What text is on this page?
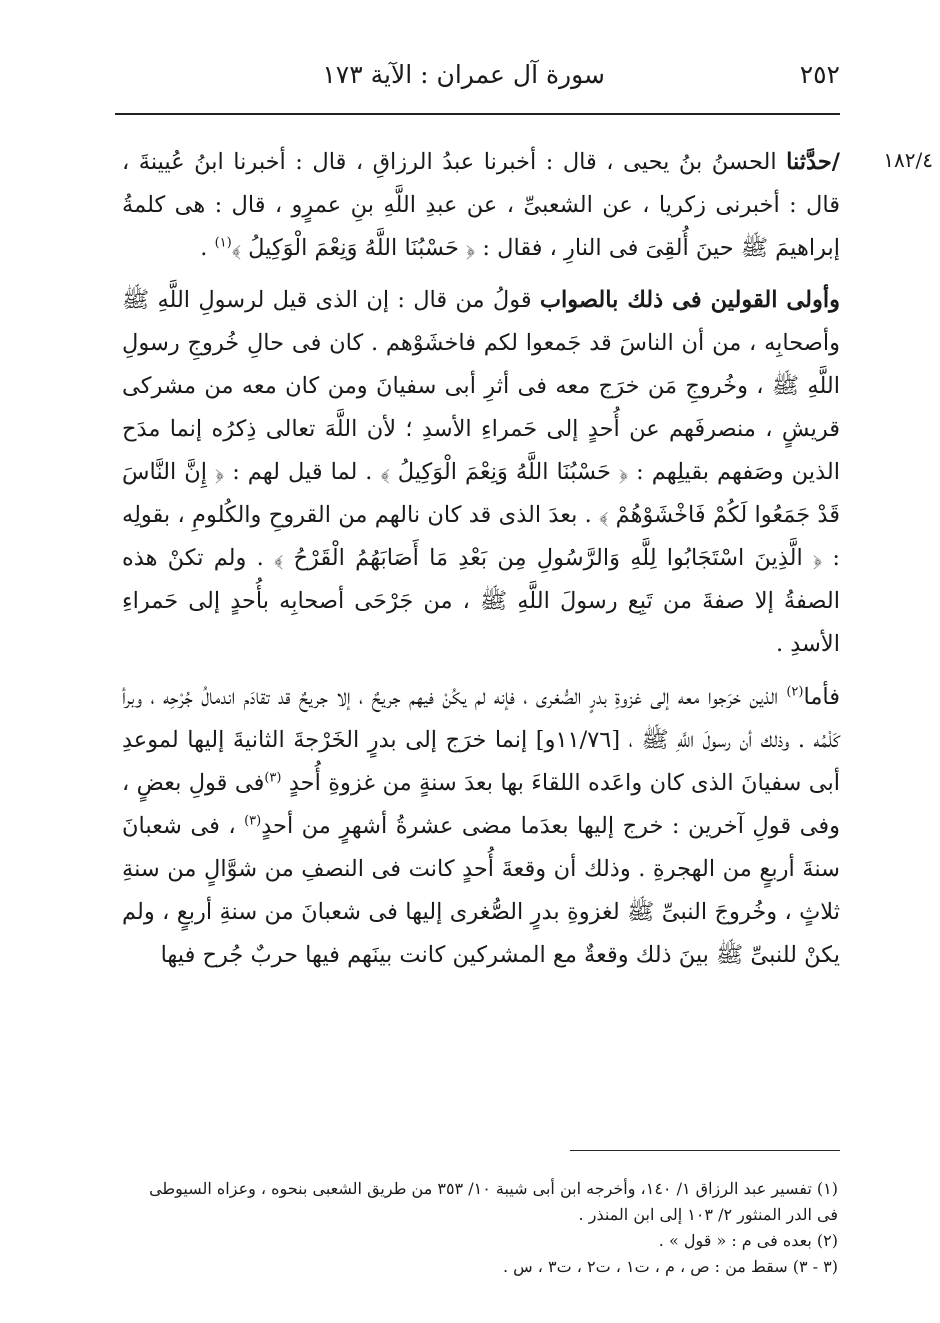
٢٥٢
سورة آل عمران : الآية ١٧٣
١٨٢/٤

/حدَّثنا الحسنُ بنُ يحيى ، قال : أخبرنا عبدُ الرزاقِ ، قال : أخبرنا ابنُ عُيينةَ ، قال : أخبرنى زكريا ، عن الشعبىِّ ، عن عبدِ اللَّهِ بنِ عمرٍو ، قال : هى كلمةُ إبراهيمَ ﷺ حينَ أُلقِىَ فى النارِ ، فقال : ﴿ حَسْبُنَا اللَّهُ وَنِعْمَ الْوَكِيلُ ﴾$^{(١)}$ .

وأولى القولين فى ذلك بالصواب قولُ من قال : إن الذى قيل لرسولِ اللَّهِ ﷺ وأصحابِه ، من أن الناسَ قد جَمعوا لكم فاخشَوْهم . كان فى حالِ خُروجِ رسولِ اللَّهِ ﷺ ، وخُروجِ مَن خرَج معه فى أثرِ أبى سفيانَ ومن كان معه من مشركى قريشٍ ، منصرفَهم عن أُحدٍ إلى حَمراءِ الأسدِ ؛ لأن اللَّهَ تعالى ذِكرُه إنما مدَح الذين وصَفهم بقيلِهم : ﴿ حَسْبُنَا اللَّهُ وَنِعْمَ الْوَكِيلُ ﴾ . لما قيل لهم : ﴿ إِنَّ النَّاسَ قَدْ جَمَعُوا لَكُمْ فَاخْشَوْهُمْ ﴾ . بعدَ الذى قد كان نالهم من القروحِ والكُلومِ ، بقولِه : ﴿ الَّذِينَ اسْتَجَابُوا لِلَّهِ وَالرَّسُولِ مِن بَعْدِ مَا أَصَابَهُمُ الْقَرْحُ ﴾ . ولم تكنْ هذه الصفةُ إلا صفةَ من تَبِع رسولَ اللَّهِ ﷺ ، من جَرْحَى أصحابِه بأُحدٍ إلى حَمراءِ الأسدِ .

فأما$^{(٢)}$ الذين خرَجوا معه إلى غزوةِ بدرٍ الصُّغرى ، فإنه لم يكُنْ فيهم جريحٌ ، إلا جريحٌ قد تقادَم اندمالُ جُرْحِه ، وبرأ كَلْمُه . وذلك أن رسولَ اللَّهِ ﷺ ، [١١/٧٦و] إنما خرَج إلى بدرٍ الخَرْجةَ الثانيةَ إليها لموعدِ أبى سفيانَ الذى كان واعَده اللقاءَ بها بعدَ سنةٍ من غزوةِ أُحدٍ $^{(٣)}$فى قولِ بعضٍ ، وفى قولِ آخرين : خرج إليها بعدَما مضى عشرةُ أشهرٍ من أحدٍ$^{(٣)}$ ، فى شعبانَ سنةَ أربعٍ من الهجرةِ . وذلك أن وقعةَ أُحدٍ كانت فى النصفِ من شوَّالٍ من سنةِ ثلاثٍ ، وخُروجَ النبىِّ ﷺ لغزوةِ بدرٍ الصُّغرى إليها فى شعبانَ من سنةِ أربعٍ ، ولم يكنْ للنبىِّ ﷺ بينَ ذلك وقعةٌ مع المشركين كانت بينَهم فيها حربٌ جُرح فيها

(١) تفسير عبد الرزاق ١/ ١٤٠، وأخرجه ابن أبى شيبة ١٠/ ٣٥٣ من طريق الشعبى بنحوه ، وعزاه السيوطى فى الدر المنثور ٢/ ١٠٣ إلى ابن المنذر .

(٢) بعده فى م : « قول » .

(٣ - ٣) سقط من : ص ، م ، ت١ ، ت٢ ، ت٣ ، س .
